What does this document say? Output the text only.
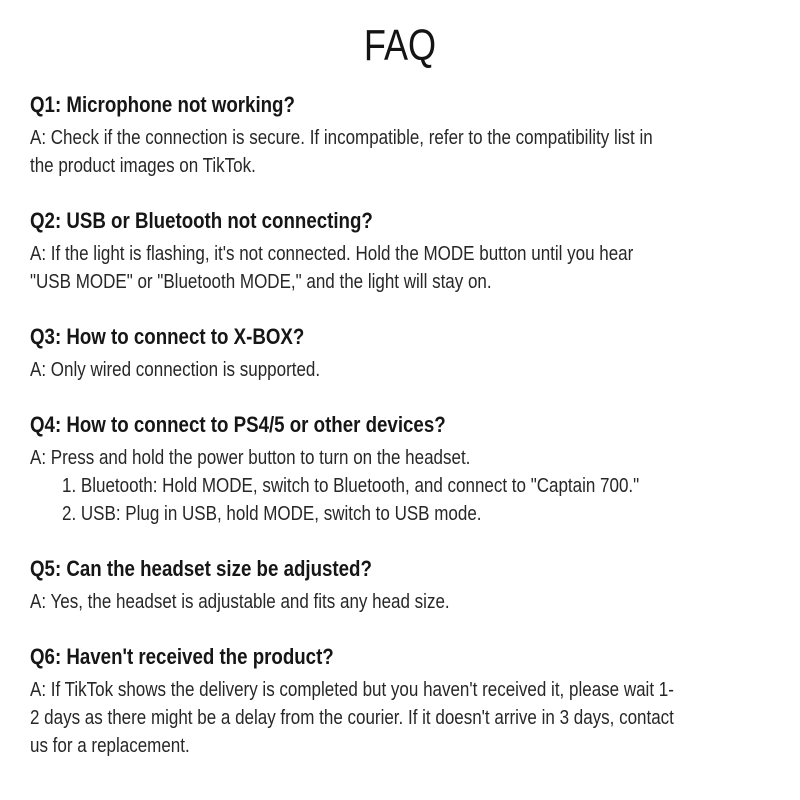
FAQ
Q1: Microphone not working?
A: Check if the connection is secure. If incompatible, refer to the compatibility list in
the product images on TikTok.
Q2: USB or Bluetooth not connecting?
A: If the light is flashing, it's not connected. Hold the MODE button until you hear
"USB MODE" or "Bluetooth MODE," and the light will stay on.
Q3: How to connect to X-BOX?
A: Only wired connection is supported.
Q4: How to connect to PS4/5 or other devices?
A: Press and hold the power button to turn on the headset.
1. Bluetooth: Hold MODE, switch to Bluetooth, and connect to "Captain 700."
2. USB: Plug in USB, hold MODE, switch to USB mode.
Q5: Can the headset size be adjusted?
A: Yes, the headset is adjustable and fits any head size.
Q6: Haven't received the product?
A: If TikTok shows the delivery is completed but you haven't received it, please wait 1-
2 days as there might be a delay from the courier. If it doesn't arrive in 3 days, contact
us for a replacement.
